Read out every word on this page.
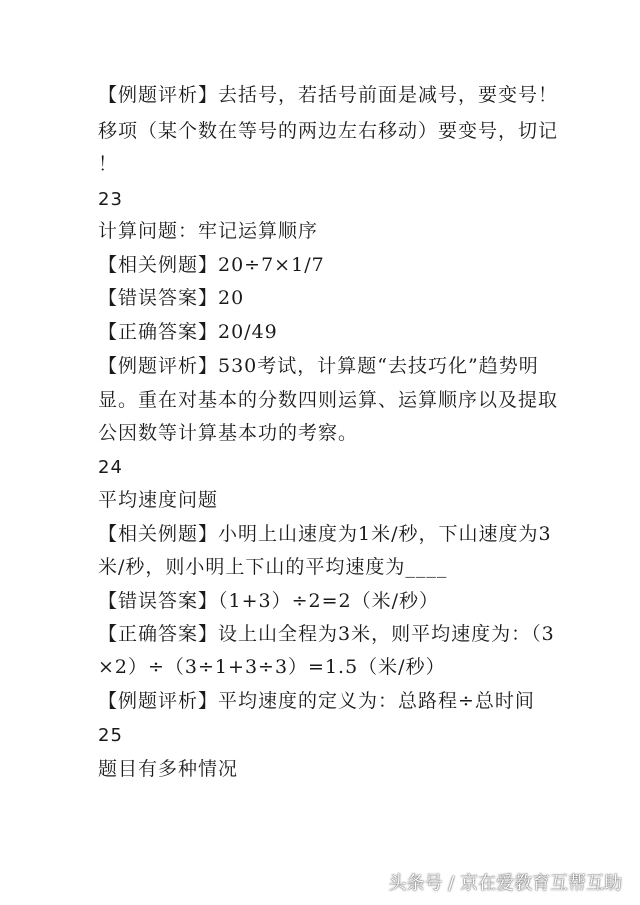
【例题评析】去括号，若括号前面是减号，要变号！
移项（某个数在等号的两边左右移动）要变号，切记
！
23
计算问题：牢记运算顺序
【相关例题】20÷7×1/7
【错误答案】20
【正确答案】20/49
【例题评析】530考试，计算题“去技巧化”趋势明
显。重在对基本的分数四则运算、运算顺序以及提取
公因数等计算基本功的考察。
24
平均速度问题
【相关例题】小明上山速度为1米/秒，下山速度为3
米/秒，则小明上下山的平均速度为____
【错误答案】（1+3）÷2=2（米/秒）
【正确答案】设上山全程为3米，则平均速度为：（3
×2）÷（3÷1+3÷3）=1.5（米/秒）
【例题评析】平均速度的定义为：总路程÷总时间
25
题目有多种情况
头条号 / 京在爱教育互帮互助
